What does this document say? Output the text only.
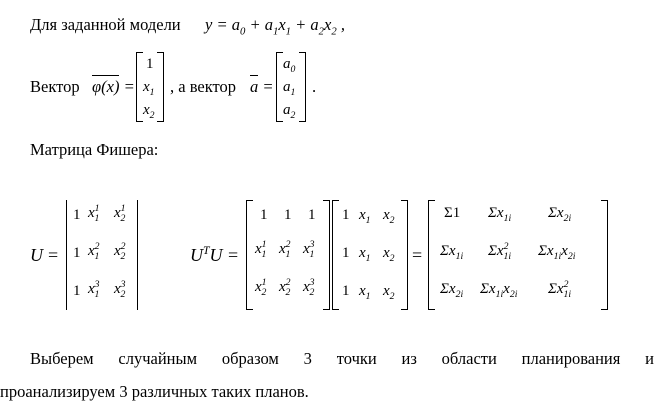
Для заданной модели $y = a_0 + a_1x_1 + a_2x_2$ ,
Вектор φ(x) =
1
$x_1$
$x_2$
, а вектор a =
$a_0$
$a_1$
$a_2$
.
Матрица Фишера:
U =
1 $x^1_1$ $x^1_2$
1 $x^2_1$ $x^2_2$
1 $x^3_1$ $x^3_2$
$U^TU$ =
1 1 1
$x^1_1$ $x^2_1$ $x^3_1$
$x^1_2$ $x^2_2$ $x^3_2$
1 $x_1$ $x_2$
1 $x_1$ $x_2$
1 $x_1$ $x_2$
=
Σ1 $\Sigma x_{1i}$ $\Sigma x_{2i}$
$\Sigma x_{1i}$ $\Sigma x^2_{1i}$ $\Sigma x_{1i}x_{2i}$
$\Sigma x_{2i}$ $\Sigma x_{1i}x_{2i}$ $\Sigma x^2_{1i}$
Выберем случайным образом 3 точки из области планирования и
проанализируем 3 различных таких планов.
